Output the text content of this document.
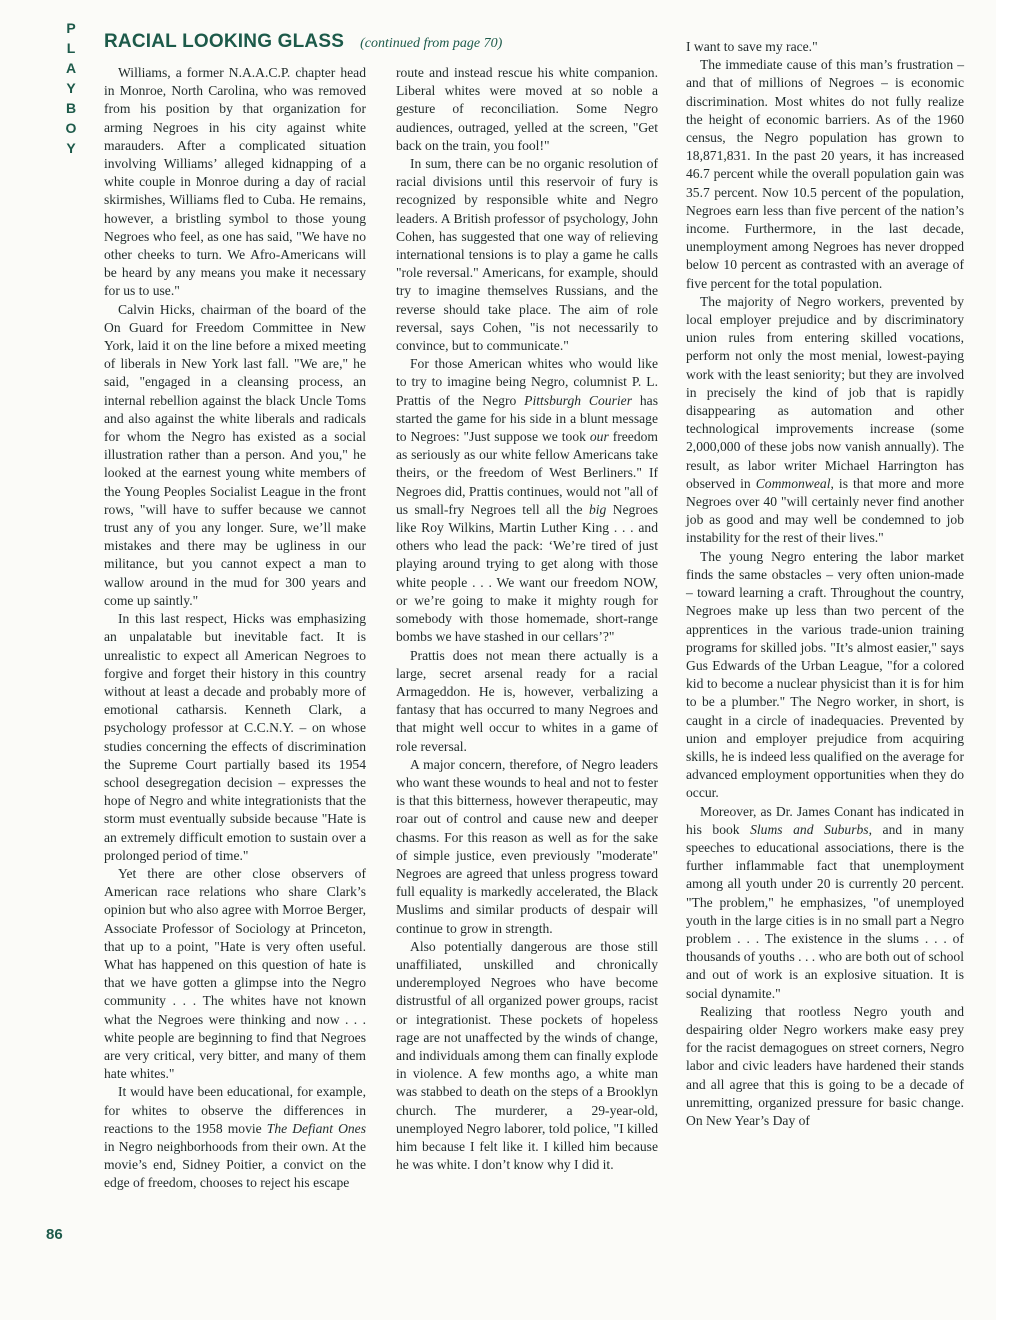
P
L
A
Y
B
O
Y
RACIAL LOOKING GLASS (continued from page 70)

Williams, a former N.A.A.C.P. chapter head in Monroe, North Carolina, who was removed from his position by that organization for arming Negroes in his city against white marauders. After a complicated situation involving Williams’ alleged kidnapping of a white couple in Monroe during a day of racial skirmishes, Williams fled to Cuba. He remains, however, a bristling symbol to those young Negroes who feel, as one has said, "We have no other cheeks to turn. We Afro-Americans will be heard by any means you make it necessary for us to use."

Calvin Hicks, chairman of the board of the On Guard for Freedom Committee in New York, laid it on the line before a mixed meeting of liberals in New York last fall. "We are," he said, "engaged in a cleansing process, an internal rebellion against the black Uncle Toms and also against the white liberals and radicals for whom the Negro has existed as a social illustration rather than a person. And you," he looked at the earnest young white members of the Young Peoples Socialist League in the front rows, "will have to suffer because we cannot trust any of you any longer. Sure, we’ll make mistakes and there may be ugliness in our militance, but you cannot expect a man to wallow around in the mud for 300 years and come up saintly."

In this last respect, Hicks was emphasizing an unpalatable but inevitable fact. It is unrealistic to expect all American Negroes to forgive and forget their history in this country without at least a decade and probably more of emotional catharsis. Kenneth Clark, a psychology professor at C.C.N.Y. – on whose studies concerning the effects of discrimination the Supreme Court partially based its 1954 school desegregation decision – expresses the hope of Negro and white integrationists that the storm must eventually subside because "Hate is an extremely difficult emotion to sustain over a prolonged period of time."

Yet there are other close observers of American race relations who share Clark’s opinion but who also agree with Morroe Berger, Associate Professor of Sociology at Princeton, that up to a point, "Hate is very often useful. What has happened on this question of hate is that we have gotten a glimpse into the Negro community . . . The whites have not known what the Negroes were thinking and now . . . white people are beginning to find that Negroes are very critical, very bitter, and many of them hate whites."

It would have been educational, for example, for whites to observe the differences in reactions to the 1958 movie The Defiant Ones in Negro neighborhoods from their own. At the movie’s end, Sidney Poitier, a convict on the edge of freedom, chooses to reject his escape

route and instead rescue his white companion. Liberal whites were moved at so noble a gesture of reconciliation. Some Negro audiences, outraged, yelled at the screen, "Get back on the train, you fool!"

In sum, there can be no organic resolution of racial divisions until this reservoir of fury is recognized by responsible white and Negro leaders. A British professor of psychology, John Cohen, has suggested that one way of relieving international tensions is to play a game he calls "role reversal." Americans, for example, should try to imagine themselves Russians, and the reverse should take place. The aim of role reversal, says Cohen, "is not necessarily to convince, but to communicate."

For those American whites who would like to try to imagine being Negro, columnist P. L. Prattis of the Negro Pittsburgh Courier has started the game for his side in a blunt message to Negroes: "Just suppose we took our freedom as seriously as our white fellow Americans take theirs, or the freedom of West Berliners." If Negroes did, Prattis continues, would not "all of us small-fry Negroes tell all the big Negroes like Roy Wilkins, Martin Luther King . . . and others who lead the pack: ‘We’re tired of just playing around trying to get along with those white people . . . We want our freedom NOW, or we’re going to make it mighty rough for somebody with those homemade, short-range bombs we have stashed in our cellars’?"

Prattis does not mean there actually is a large, secret arsenal ready for a racial Armageddon. He is, however, verbalizing a fantasy that has occurred to many Negroes and that might well occur to whites in a game of role reversal.

A major concern, therefore, of Negro leaders who want these wounds to heal and not to fester is that this bitterness, however therapeutic, may roar out of control and cause new and deeper chasms. For this reason as well as for the sake of simple justice, even previously "moderate" Negroes are agreed that unless progress toward full equality is markedly accelerated, the Black Muslims and similar products of despair will continue to grow in strength.

Also potentially dangerous are those still unaffiliated, unskilled and chronically underemployed Negroes who have become distrustful of all organized power groups, racist or integrationist. These pockets of hopeless rage are not unaffected by the winds of change, and individuals among them can finally explode in violence. A few months ago, a white man was stabbed to death on the steps of a Brooklyn church. The murderer, a 29-year-old, unemployed Negro laborer, told police, "I killed him because I felt like it. I killed him because he was white. I don’t know why I did it.

I want to save my race."

The immediate cause of this man’s frustration – and that of millions of Negroes – is economic discrimination. Most whites do not fully realize the height of economic barriers. As of the 1960 census, the Negro population has grown to 18,871,831. In the past 20 years, it has increased 46.7 percent while the overall population gain was 35.7 percent. Now 10.5 percent of the population, Negroes earn less than five percent of the nation’s income. Furthermore, in the last decade, unemployment among Negroes has never dropped below 10 percent as contrasted with an average of five percent for the total population.

The majority of Negro workers, prevented by local employer prejudice and by discriminatory union rules from entering skilled vocations, perform not only the most menial, lowest-paying work with the least seniority; but they are involved in precisely the kind of job that is rapidly disappearing as automation and other technological improvements increase (some 2,000,000 of these jobs now vanish annually). The result, as labor writer Michael Harrington has observed in Commonweal, is that more and more Negroes over 40 "will certainly never find another job as good and may well be condemned to job instability for the rest of their lives."

The young Negro entering the labor market finds the same obstacles – very often union-made – toward learning a craft. Throughout the country, Negroes make up less than two percent of the apprentices in the various trade-union training programs for skilled jobs. "It’s almost easier," says Gus Edwards of the Urban League, "for a colored kid to become a nuclear physicist than it is for him to be a plumber." The Negro worker, in short, is caught in a circle of inadequacies. Prevented by union and employer prejudice from acquiring skills, he is indeed less qualified on the average for advanced employment opportunities when they do occur.

Moreover, as Dr. James Conant has indicated in his book Slums and Suburbs, and in many speeches to educational associations, there is the further inflammable fact that unemployment among all youth under 20 is currently 20 percent. "The problem," he emphasizes, "of unemployed youth in the large cities is in no small part a Negro problem . . . The existence in the slums . . . of thousands of youths . . . who are both out of school and out of work is an explosive situation. It is social dynamite."

Realizing that rootless Negro youth and despairing older Negro workers make easy prey for the racist demagogues on street corners, Negro labor and civic leaders have hardened their stands and all agree that this is going to be a decade of unremitting, organized pressure for basic change. On New Year’s Day of

86
